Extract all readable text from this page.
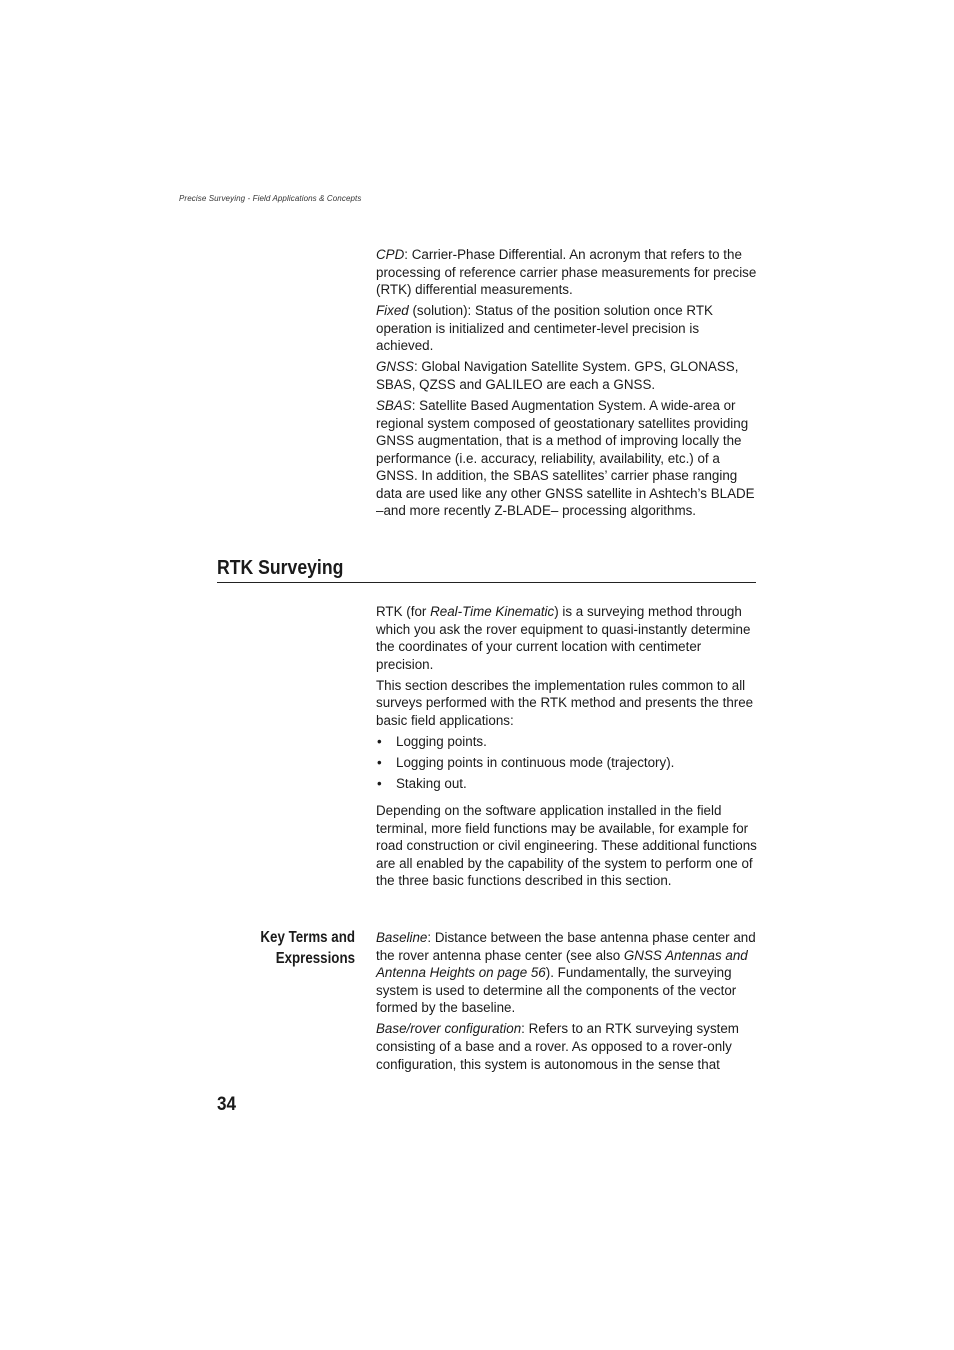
Precise Surveying - Field Applications & Concepts

CPD: Carrier-Phase Differential. An acronym that refers to the processing of reference carrier phase measurements for precise (RTK) differential measurements.

Fixed (solution): Status of the position solution once RTK operation is initialized and centimeter-level precision is achieved.

GNSS: Global Navigation Satellite System. GPS, GLONASS, SBAS, QZSS and GALILEO are each a GNSS.

SBAS: Satellite Based Augmentation System. A wide-area or regional system composed of geostationary satellites providing GNSS augmentation, that is a method of improving locally the performance (i.e. accuracy, reliability, availability, etc.) of a GNSS. In addition, the SBAS satellites’ carrier phase ranging data are used like any other GNSS satellite in Ashtech’s BLADE –and more recently Z-BLADE– processing algorithms.

RTK Surveying

RTK (for Real-Time Kinematic) is a surveying method through which you ask the rover equipment to quasi-instantly determine the coordinates of your current location with centimeter precision.

This section describes the implementation rules common to all surveys performed with the RTK method and presents the three basic field applications:

• Logging points.
• Logging points in continuous mode (trajectory).
• Staking out.

Depending on the software application installed in the field terminal, more field functions may be available, for example for road construction or civil engineering. These additional functions are all enabled by the capability of the system to perform one of the three basic functions described in this section.

Key Terms and
Expressions

Baseline: Distance between the base antenna phase center and the rover antenna phase center (see also GNSS Antennas and Antenna Heights on page 56). Fundamentally, the surveying system is used to determine all the components of the vector formed by the baseline.

Base/rover configuration: Refers to an RTK surveying system consisting of a base and a rover. As opposed to a rover-only configuration, this system is autonomous in the sense that

34
